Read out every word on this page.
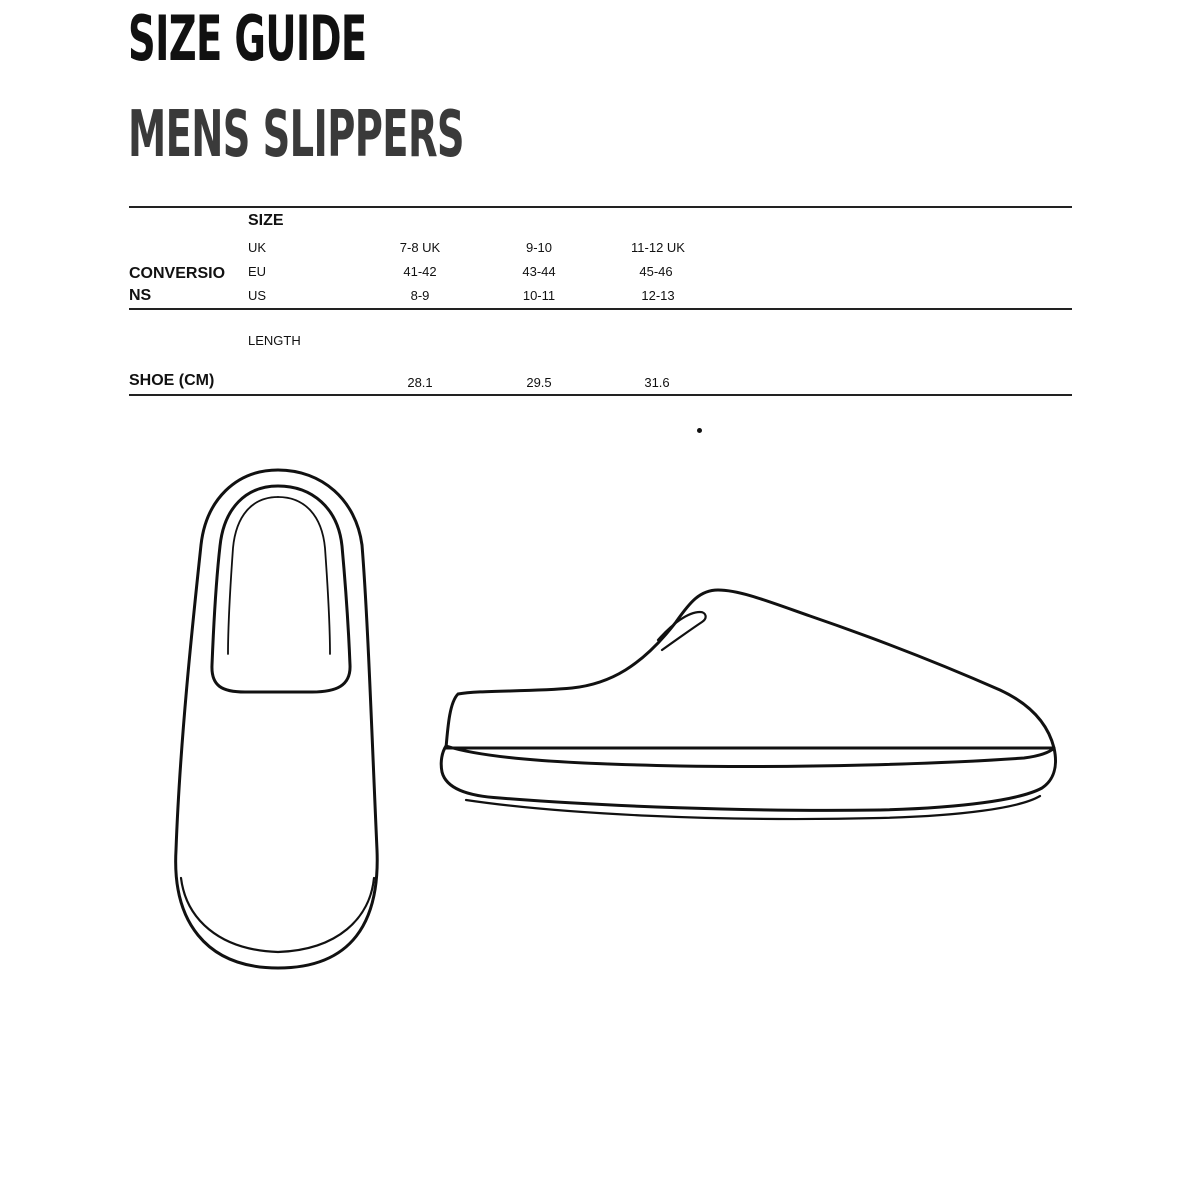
SIZE GUIDE
MENS SLIPPERS
SIZE
CONVERSIO
NS
UK	7-8 UK	9-10	11-12 UK
EU	41-42	43-44	45-46
US	8-9	10-11	12-13
LENGTH
SHOE (CM)	28.1	29.5	31.6
